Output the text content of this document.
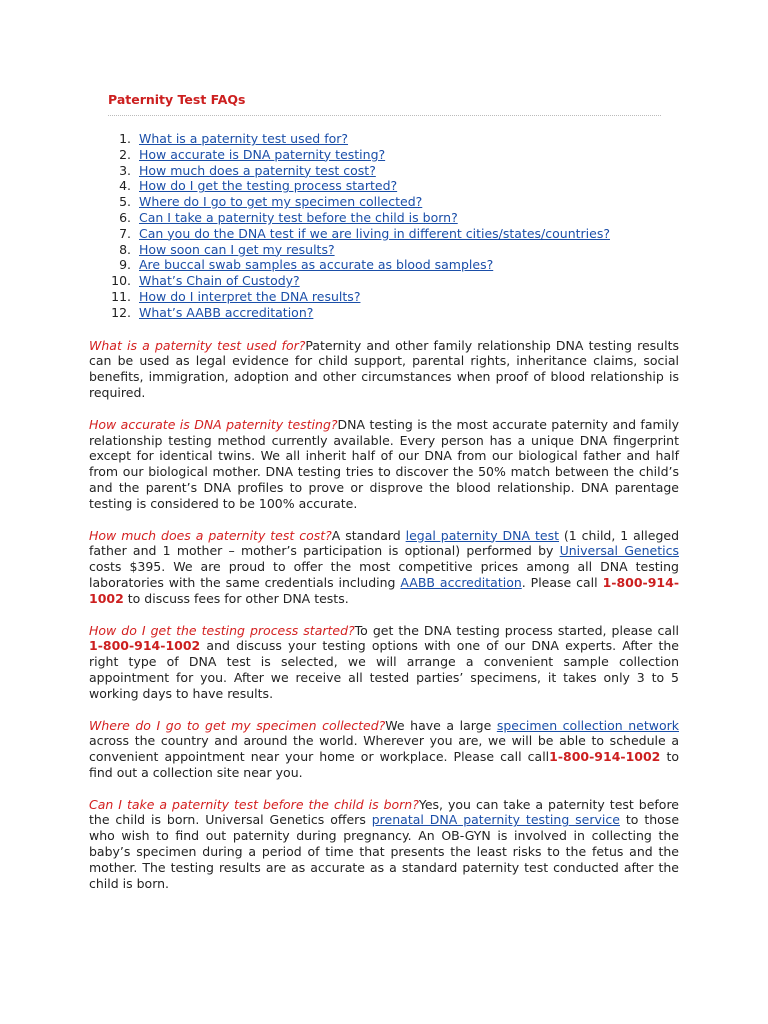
Paternity Test FAQs
1. What is a paternity test used for?
2. How accurate is DNA paternity testing?
3. How much does a paternity test cost?
4. How do I get the testing process started?
5. Where do I go to get my specimen collected?
6. Can I take a paternity test before the child is born?
7. Can you do the DNA test if we are living in different cities/states/countries?
8. How soon can I get my results?
9. Are buccal swab samples as accurate as blood samples?
10. What’s Chain of Custody?
11. How do I interpret the DNA results?
12. What’s AABB accreditation?

What is a paternity test used for?Paternity and other family relationship DNA testing results can be used as legal evidence for child support, parental rights, inheritance claims, social benefits, immigration, adoption and other circumstances when proof of blood relationship is required.

How accurate is DNA paternity testing?DNA testing is the most accurate paternity and family relationship testing method currently available. Every person has a unique DNA fingerprint except for identical twins. We all inherit half of our DNA from our biological father and half from our biological mother. DNA testing tries to discover the 50% match between the child’s and the parent’s DNA profiles to prove or disprove the blood relationship. DNA parentage testing is considered to be 100% accurate.

How much does a paternity test cost?A standard legal paternity DNA test (1 child, 1 alleged father and 1 mother – mother’s participation is optional) performed by Universal Genetics costs $395. We are proud to offer the most competitive prices among all DNA testing laboratories with the same credentials including AABB accreditation. Please call 1-800-914-1002 to discuss fees for other DNA tests.

How do I get the testing process started?To get the DNA testing process started, please call 1-800-914-1002 and discuss your testing options with one of our DNA experts. After the right type of DNA test is selected, we will arrange a convenient sample collection appointment for you. After we receive all tested parties’ specimens, it takes only 3 to 5 working days to have results.

Where do I go to get my specimen collected?We have a large specimen collection network across the country and around the world. Wherever you are, we will be able to schedule a convenient appointment near your home or workplace. Please call call1-800-914-1002 to find out a collection site near you.

Can I take a paternity test before the child is born?Yes, you can take a paternity test before the child is born. Universal Genetics offers prenatal DNA paternity testing service to those who wish to find out paternity during pregnancy. An OB-GYN is involved in collecting the baby’s specimen during a period of time that presents the least risks to the fetus and the mother. The testing results are as accurate as a standard paternity test conducted after the child is born.
